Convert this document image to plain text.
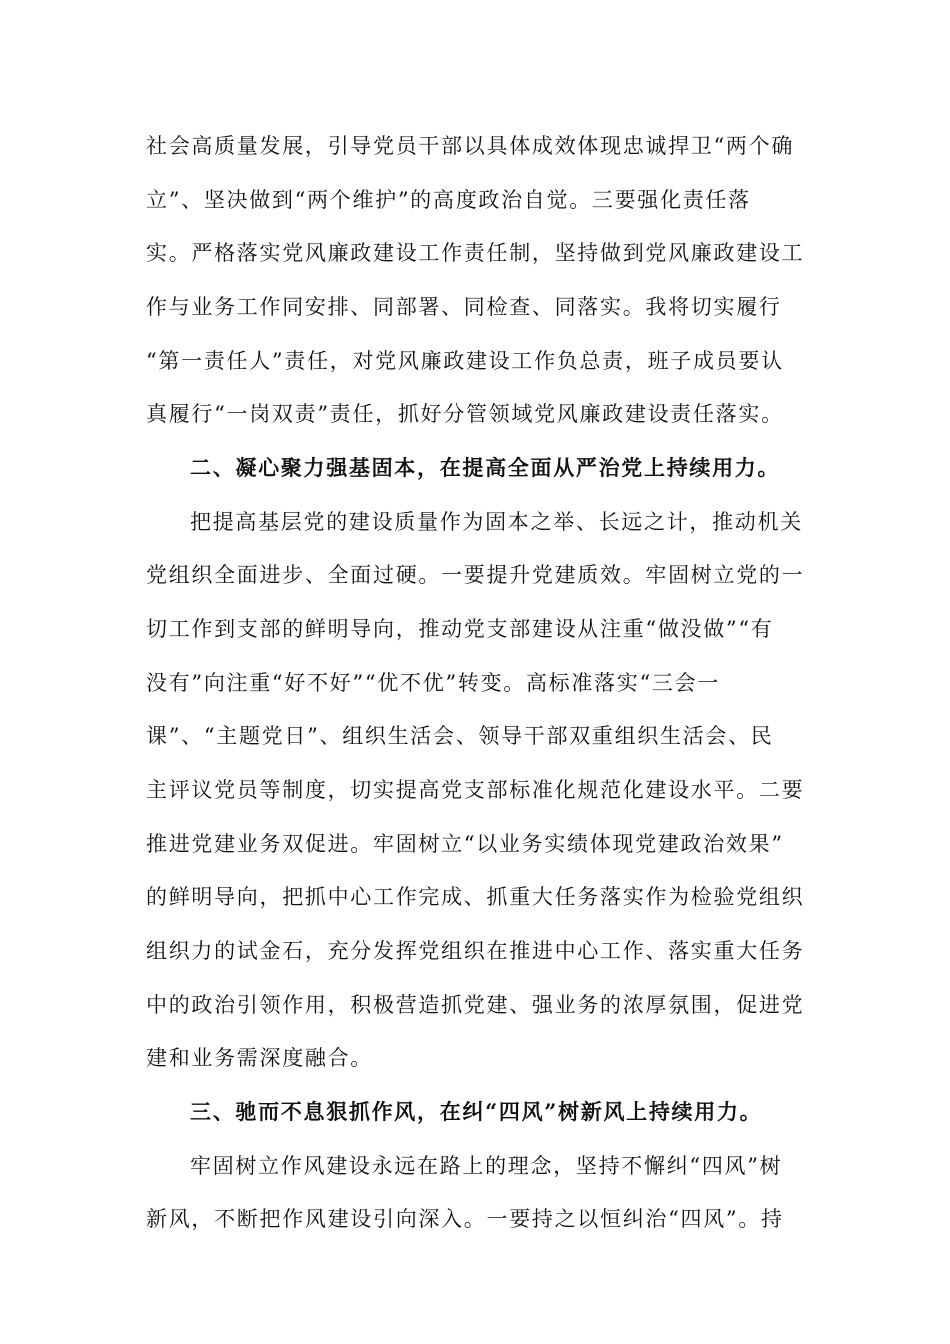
社会高质量发展，引导党员干部以具体成效体现忠诚捍卫“两个确
立”、坚决做到“两个维护”的高度政治自觉。三要强化责任落
实。严格落实党风廉政建设工作责任制，坚持做到党风廉政建设工
作与业务工作同安排、同部署、同检查、同落实。我将切实履行
“第一责任人”责任，对党风廉政建设工作负总责，班子成员要认
真履行“一岗双责”责任，抓好分管领域党风廉政建设责任落实。
二、凝心聚力强基固本，在提高全面从严治党上持续用力。
把提高基层党的建设质量作为固本之举、长远之计，推动机关
党组织全面进步、全面过硬。一要提升党建质效。牢固树立党的一
切工作到支部的鲜明导向，推动党支部建设从注重“做没做”“有
没有”向注重“好不好”“优不优”转变。高标准落实“三会一
课”、“主题党日”、组织生活会、领导干部双重组织生活会、民
主评议党员等制度，切实提高党支部标准化规范化建设水平。二要
推进党建业务双促进。牢固树立“以业务实绩体现党建政治效果”
的鲜明导向，把抓中心工作完成、抓重大任务落实作为检验党组织
组织力的试金石，充分发挥党组织在推进中心工作、落实重大任务
中的政治引领作用，积极营造抓党建、强业务的浓厚氛围，促进党
建和业务需深度融合。
三、驰而不息狠抓作风，在纠“四风”树新风上持续用力。
牢固树立作风建设永远在路上的理念，坚持不懈纠“四风”树
新风，不断把作风建设引向深入。一要持之以恒纠治“四风”。持
